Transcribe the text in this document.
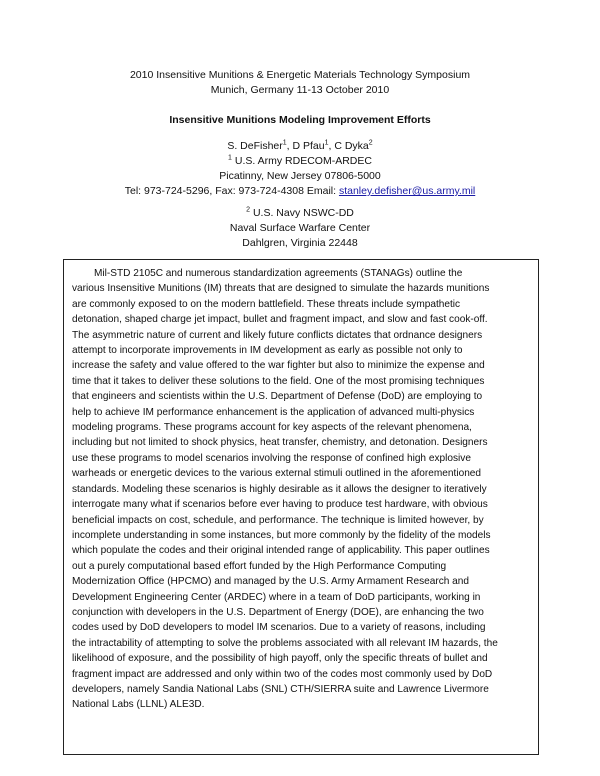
2010 Insensitive Munitions & Energetic Materials Technology Symposium
Munich, Germany 11-13 October 2010
Insensitive Munitions Modeling Improvement Efforts
S. DeFisher$^1$, D Pfau$^1$, C Dyka$^2$
$^1$ U.S. Army RDECOM-ARDEC
Picatinny, New Jersey 07806-5000
Tel: 973-724-5296, Fax: 973-724-4308 Email: stanley.defisher@us.army.mil
$^2$ U.S. Navy NSWC-DD
Naval Surface Warfare Center
Dahlgren, Virginia 22448
Mil-STD 2105C and numerous standardization agreements (STANAGs) outline the
various Insensitive Munitions (IM) threats that are designed to simulate the hazards munitions
are commonly exposed to on the modern battlefield. These threats include sympathetic
detonation, shaped charge jet impact, bullet and fragment impact, and slow and fast cook-off.
The asymmetric nature of current and likely future conflicts dictates that ordnance designers
attempt to incorporate improvements in IM development as early as possible not only to
increase the safety and value offered to the war fighter but also to minimize the expense and
time that it takes to deliver these solutions to the field. One of the most promising techniques
that engineers and scientists within the U.S. Department of Defense (DoD) are employing to
help to achieve IM performance enhancement is the application of advanced multi-physics
modeling programs. These programs account for key aspects of the relevant phenomena,
including but not limited to shock physics, heat transfer, chemistry, and detonation. Designers
use these programs to model scenarios involving the response of confined high explosive
warheads or energetic devices to the various external stimuli outlined in the aforementioned
standards. Modeling these scenarios is highly desirable as it allows the designer to iteratively
interrogate many what if scenarios before ever having to produce test hardware, with obvious
beneficial impacts on cost, schedule, and performance. The technique is limited however, by
incomplete understanding in some instances, but more commonly by the fidelity of the models
which populate the codes and their original intended range of applicability. This paper outlines
out a purely computational based effort funded by the High Performance Computing
Modernization Office (HPCMO) and managed by the U.S. Army Armament Research and
Development Engineering Center (ARDEC) where in a team of DoD participants, working in
conjunction with developers in the U.S. Department of Energy (DOE), are enhancing the two
codes used by DoD developers to model IM scenarios. Due to a variety of reasons, including
the intractability of attempting to solve the problems associated with all relevant IM hazards, the
likelihood of exposure, and the possibility of high payoff, only the specific threats of bullet and
fragment impact are addressed and only within two of the codes most commonly used by DoD
developers, namely Sandia National Labs (SNL) CTH/SIERRA suite and Lawrence Livermore
National Labs (LLNL) ALE3D.
